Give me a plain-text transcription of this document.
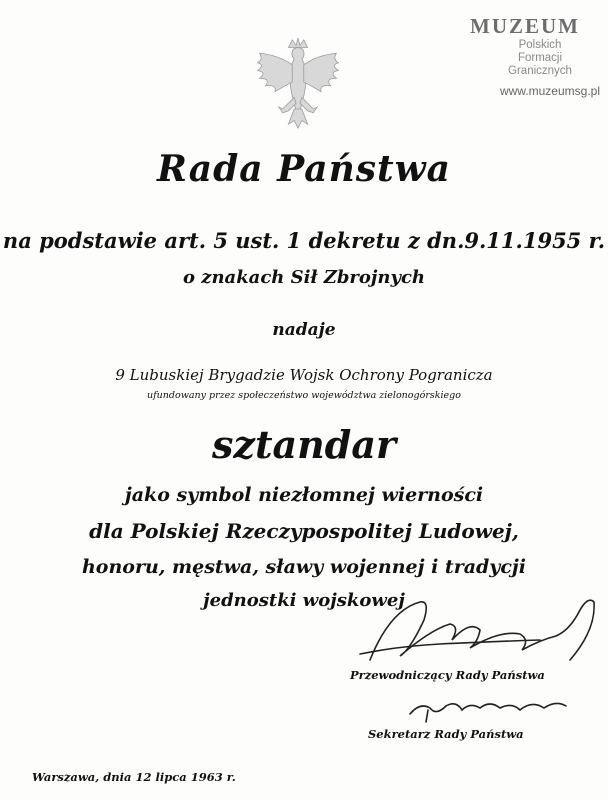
MUZEUM
Polskich
Formacji
Granicznych
www.muzeumsg.pl
Rada Państwa
na podstawie art. 5 ust. 1 dekretu z dn.9.11.1955 r.
o znakach Sił Zbrojnych
nadaje
9 Lubuskiej Brygadzie Wojsk Ochrony Pogranicza
ufundowany przez społeczeństwo województwa zielonogórskiego
sztandar
jako symbol niezłomnej wierności
dla Polskiej Rzeczypospolitej Ludowej,
honoru, męstwa, sławy wojennej i tradycji
jednostki wojskowej
Przewodniczący Rady Państwa
Sekretarz Rady Państwa
Warszawa, dnia 12 lipca 1963 r.
